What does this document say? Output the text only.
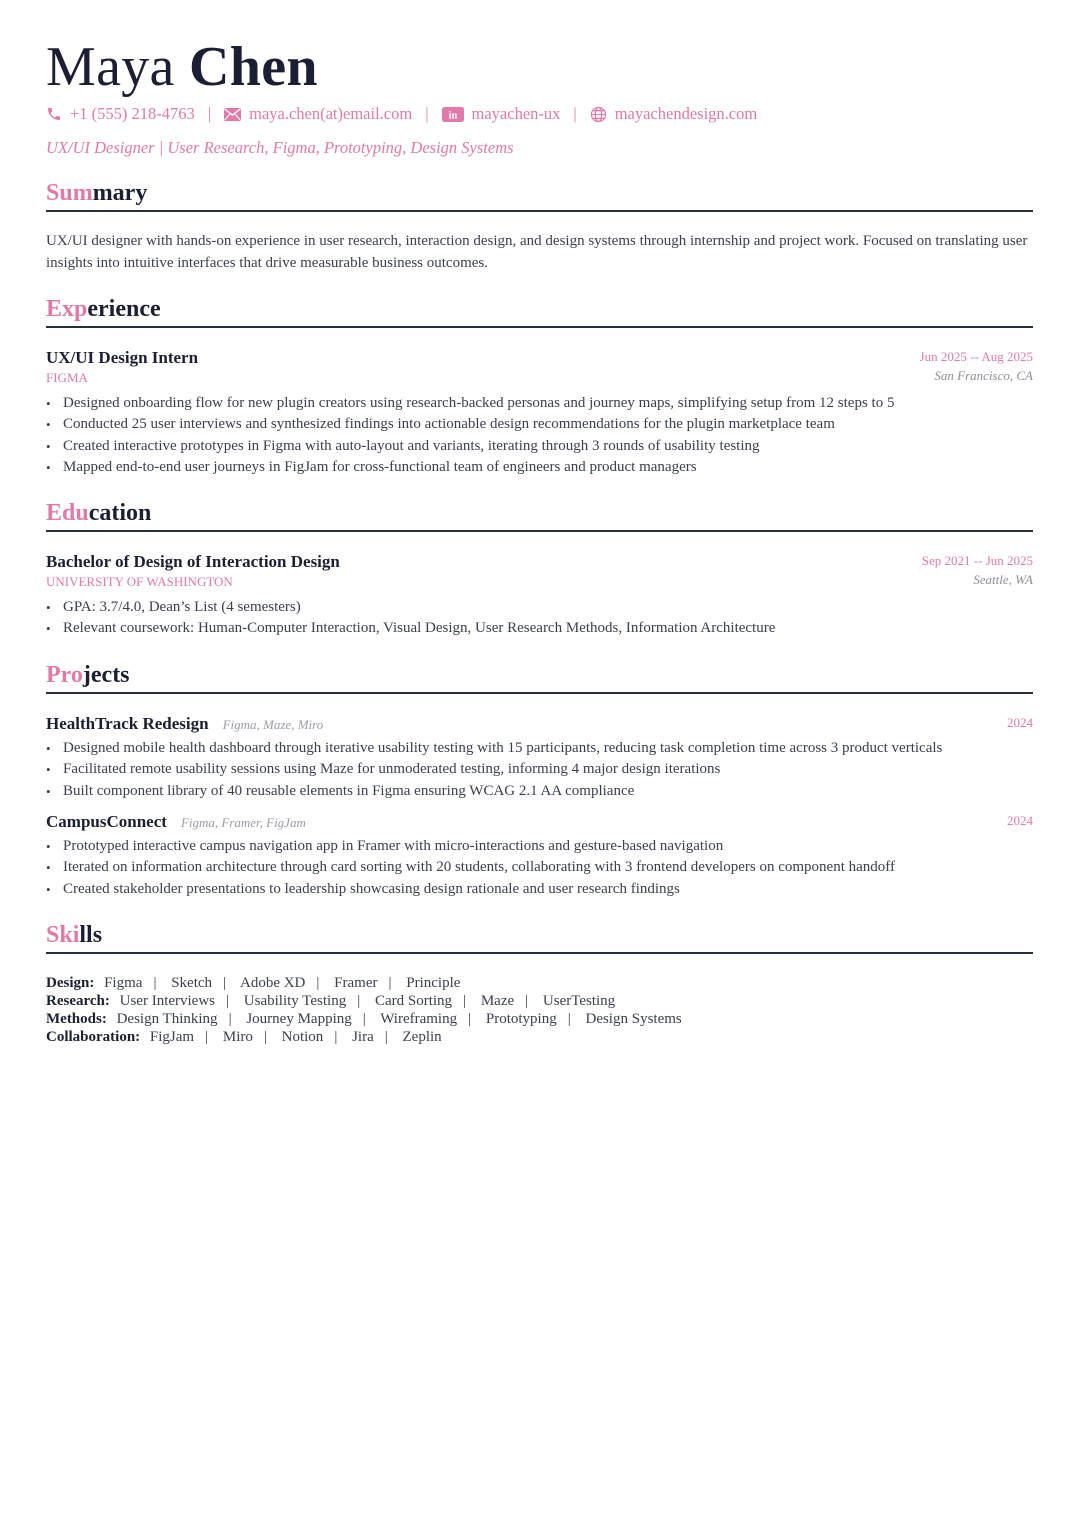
Maya Chen
+1 (555) 218-4763 | maya.chen(at)email.com | in mayachen-ux | mayachendesign.com
UX/UI Designer | User Research, Figma, Prototyping, Design Systems
Summary
UX/UI designer with hands-on experience in user research, interaction design, and design systems through internship and project work. Focused on translating user insights into intuitive interfaces that drive measurable business outcomes.
Experience
UX/UI Design Intern
FIGMA
Jun 2025 -- Aug 2025
San Francisco, CA
• Designed onboarding flow for new plugin creators using research-backed personas and journey maps, simplifying setup from 12 steps to 5
• Conducted 25 user interviews and synthesized findings into actionable design recommendations for the plugin marketplace team
• Created interactive prototypes in Figma with auto-layout and variants, iterating through 3 rounds of usability testing
• Mapped end-to-end user journeys in FigJam for cross-functional team of engineers and product managers
Education
Bachelor of Design of Interaction Design
UNIVERSITY OF WASHINGTON
Sep 2021 -- Jun 2025
Seattle, WA
• GPA: 3.7/4.0, Dean’s List (4 semesters)
• Relevant coursework: Human-Computer Interaction, Visual Design, User Research Methods, Information Architecture
Projects
HealthTrack Redesign Figma, Maze, Miro	2024
• Designed mobile health dashboard through iterative usability testing with 15 participants, reducing task completion time across 3 product verticals
• Facilitated remote usability sessions using Maze for unmoderated testing, informing 4 major design iterations
• Built component library of 40 reusable elements in Figma ensuring WCAG 2.1 AA compliance
CampusConnect Figma, Framer, FigJam	2024
• Prototyped interactive campus navigation app in Framer with micro-interactions and gesture-based navigation
• Iterated on information architecture through card sorting with 20 students, collaborating with 3 frontend developers on component handoff
• Created stakeholder presentations to leadership showcasing design rationale and user research findings
Skills
Design: Figma | Sketch | Adobe XD | Framer | Principle
Research: User Interviews | Usability Testing | Card Sorting | Maze | UserTesting
Methods: Design Thinking | Journey Mapping | Wireframing | Prototyping | Design Systems
Collaboration: FigJam | Miro | Notion | Jira | Zeplin
